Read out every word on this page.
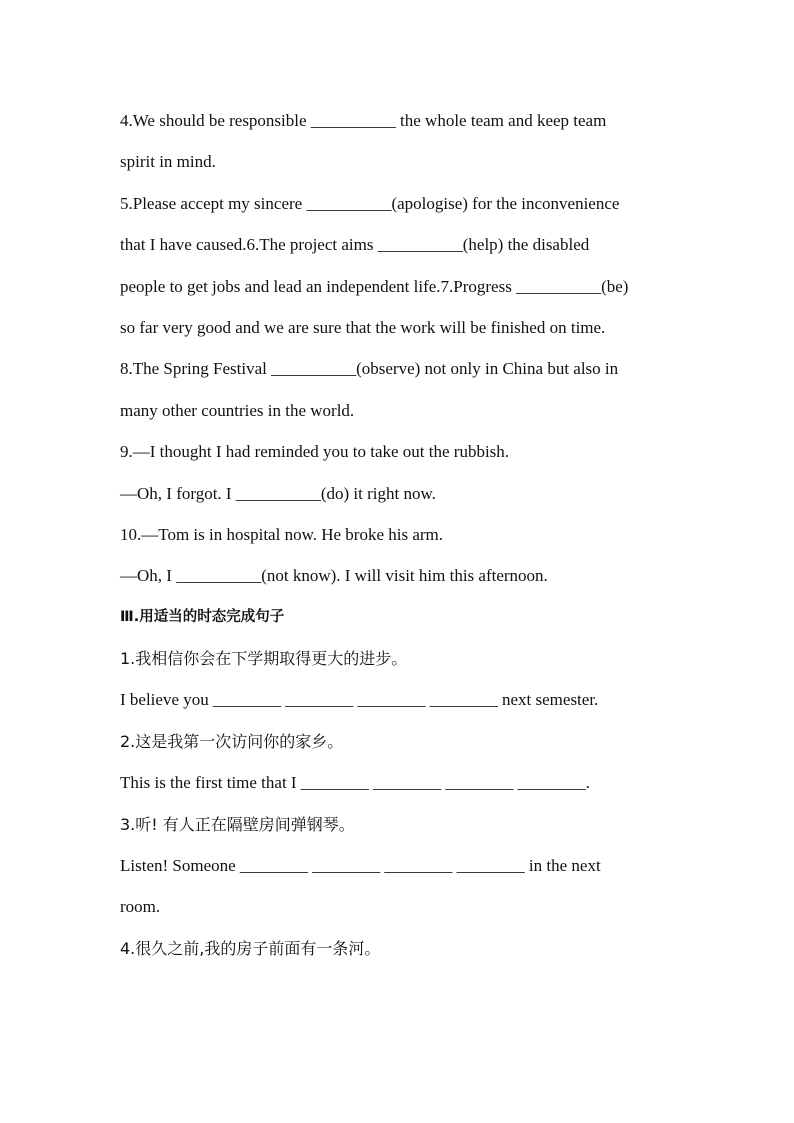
4.We should be responsible __________ the whole team and keep team
spirit in mind.
5.Please accept my sincere __________(apologise) for the inconvenience
that I have caused.6.The project aims __________(help) the disabled
people to get jobs and lead an independent life.7.Progress __________(be)
so far very good and we are sure that the work will be finished on time.
8.The Spring Festival __________(observe) not only in China but also in
many other countries in the world.
9.—I thought I had reminded you to take out the rubbish.
—Oh, I forgot. I __________(do) it right now.
10.—Tom is in hospital now. He broke his arm.
—Oh, I __________(not know). I will visit him this afternoon.
Ⅲ.用适当的时态完成句子
1.我相信你会在下学期取得更大的进步。
I believe you ________ ________ ________ ________ next semester.
2.这是我第一次访问你的家乡。
This is the first time that I ________ ________ ________ ________.
3.听! 有人正在隔壁房间弹钢琴。
Listen! Someone ________ ________ ________ ________ in the next
room.
4.很久之前,我的房子前面有一条河。
